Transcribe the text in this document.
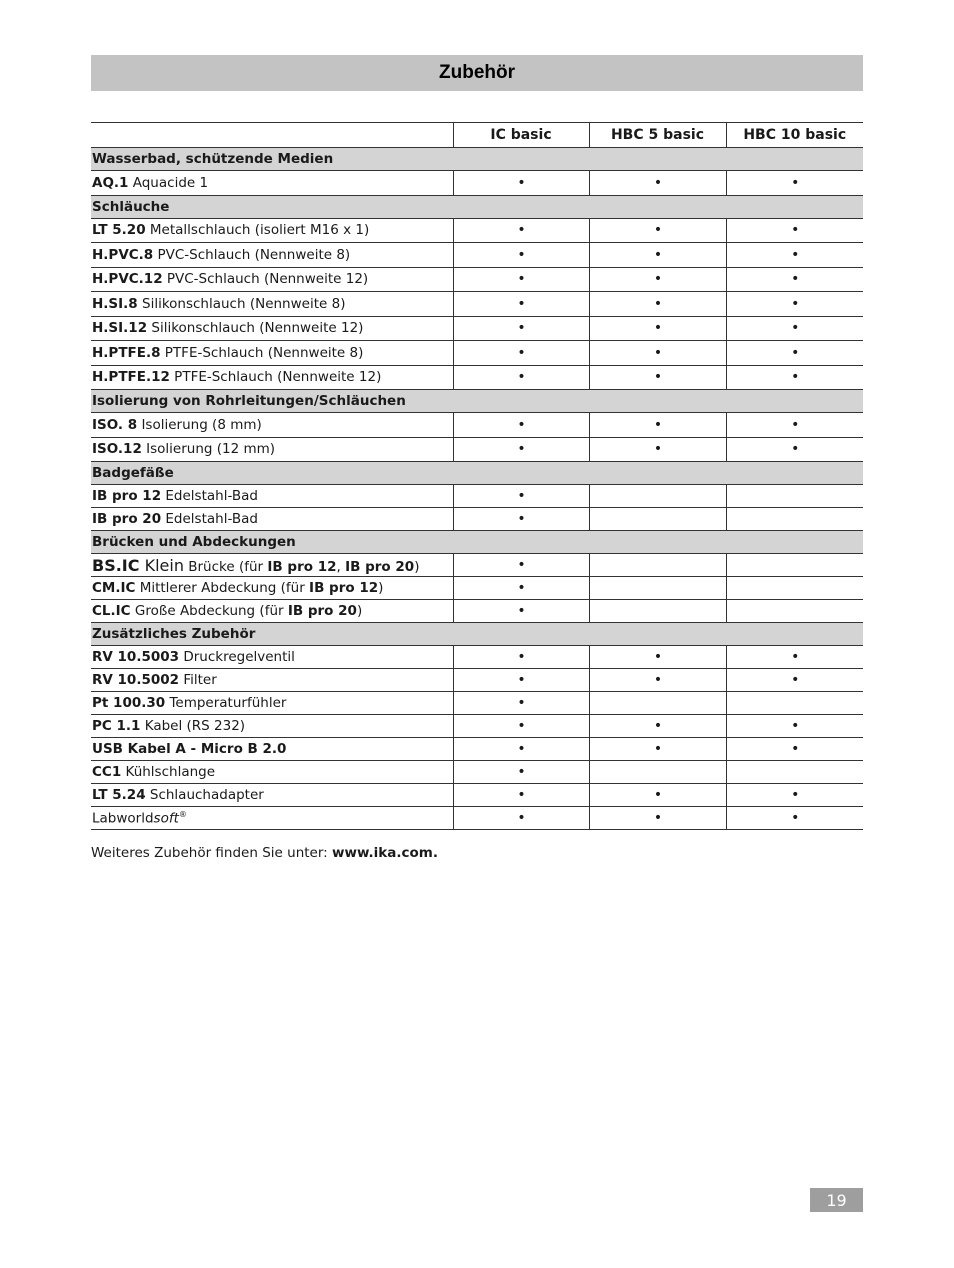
Zubehör
	IC basic	HBC 5 basic	HBC 10 basic
Wasserbad, schützende Medien			
AQ.1 Aquacide 1	•	•	•
Schläuche			
LT 5.20 Metallschlauch (isoliert M16 x 1)	•	•	•
H.PVC.8 PVC-Schlauch (Nennweite 8)	•	•	•
H.PVC.12 PVC-Schlauch (Nennweite 12)	•	•	•
H.SI.8 Silikonschlauch (Nennweite 8)	•	•	•
H.SI.12 Silikonschlauch (Nennweite 12)	•	•	•
H.PTFE.8 PTFE-Schlauch (Nennweite 8)	•	•	•
H.PTFE.12 PTFE-Schlauch (Nennweite 12)	•	•	•
Isolierung von Rohrleitungen/Schläuchen			
ISO. 8 Isolierung (8 mm)	•	•	•
ISO.12 Isolierung (12 mm)	•	•	•
Badgefäße			
IB pro 12 Edelstahl-Bad	•		
IB pro 20 Edelstahl-Bad	•		
Brücken und Abdeckungen			
BS.IC Klein Brücke (für IB pro 12, IB pro 20)	•		
CM.IC Mittlerer Abdeckung (für IB pro 12)	•		
CL.IC Große Abdeckung (für IB pro 20)	•		
Zusätzliches Zubehör			
RV 10.5003 Druckregelventil	•	•	•
RV 10.5002 Filter	•	•	•
Pt 100.30 Temperaturfühler	•		
PC 1.1 Kabel (RS 232)	•	•	•
USB Kabel A - Micro B 2.0	•	•	•
CC1 Kühlschlange	•		
LT 5.24 Schlauchadapter	•	•	•
Labworldsoft®	•	•	•
Weiteres Zubehör finden Sie unter: www.ika.com.
19
